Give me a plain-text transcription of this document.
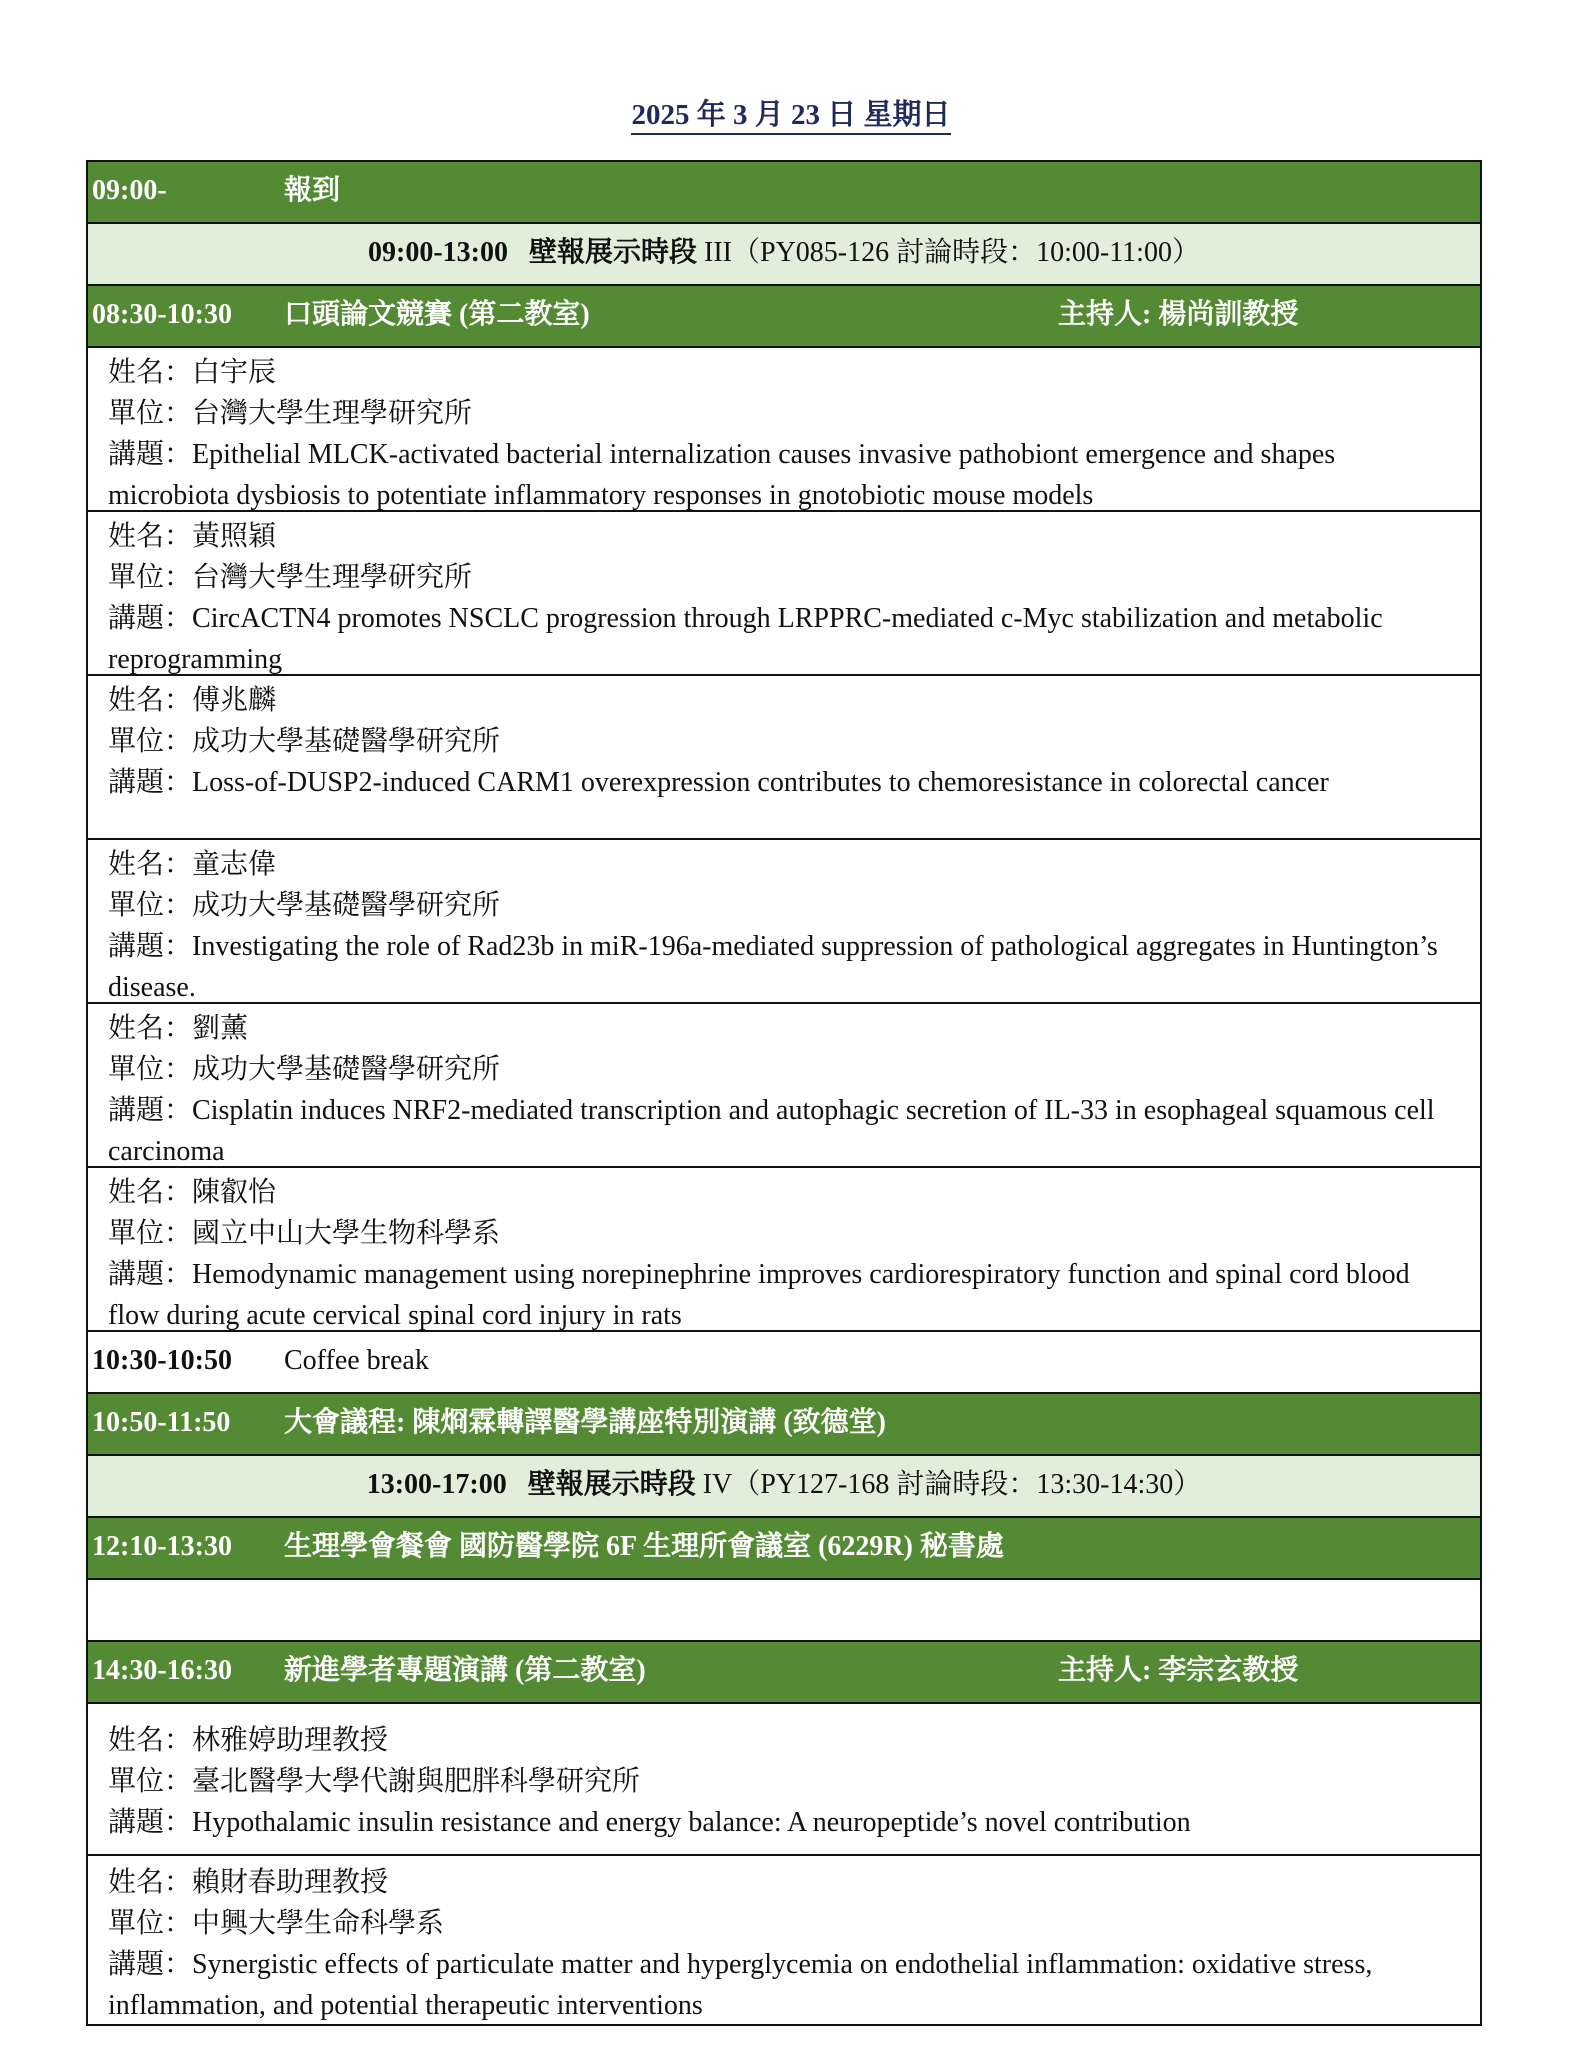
2025 年 3 月 23 日 星期日
09:00-	報到
09:00-13:00 壁報展示時段 III（PY085-126 討論時段：10:00-11:00）
08:30-10:30 口頭論文競賽 (第二教室)	主持人: 楊尚訓教授
姓名：白宇辰
單位：台灣大學生理學研究所
講題：Epithelial MLCK-activated bacterial internalization causes invasive pathobiont emergence and shapes microbiota dysbiosis to potentiate inflammatory responses in gnotobiotic mouse models
姓名：黃照穎
單位：台灣大學生理學研究所
講題：CircACTN4 promotes NSCLC progression through LRPPRC-mediated c-Myc stabilization and metabolic reprogramming
姓名：傅兆麟
單位：成功大學基礎醫學研究所
講題：Loss-of-DUSP2-induced CARM1 overexpression contributes to chemoresistance in colorectal cancer
姓名：童志偉
單位：成功大學基礎醫學研究所
講題：Investigating the role of Rad23b in miR-196a-mediated suppression of pathological aggregates in Huntington’s disease.
姓名：劉薰
單位：成功大學基礎醫學研究所
講題：Cisplatin induces NRF2-mediated transcription and autophagic secretion of IL-33 in esophageal squamous cell carcinoma
姓名：陳叡怡
單位：國立中山大學生物科學系
講題：Hemodynamic management using norepinephrine improves cardiorespiratory function and spinal cord blood flow during acute cervical spinal cord injury in rats
10:30-10:50 Coffee break
10:50-11:50 大會議程: 陳烱霖轉譯醫學講座特別演講 (致德堂)
13:00-17:00 壁報展示時段 IV（PY127-168 討論時段：13:30-14:30）
12:10-13:30 生理學會餐會 國防醫學院 6F 生理所會議室 (6229R) 秘書處
14:30-16:30 新進學者專題演講 (第二教室)	主持人: 李宗玄教授
姓名：林雅婷助理教授
單位：臺北醫學大學代謝與肥胖科學研究所
講題：Hypothalamic insulin resistance and energy balance: A neuropeptide’s novel contribution
姓名：賴財春助理教授
單位：中興大學生命科學系
講題：Synergistic effects of particulate matter and hyperglycemia on endothelial inflammation: oxidative stress, inflammation, and potential therapeutic interventions
